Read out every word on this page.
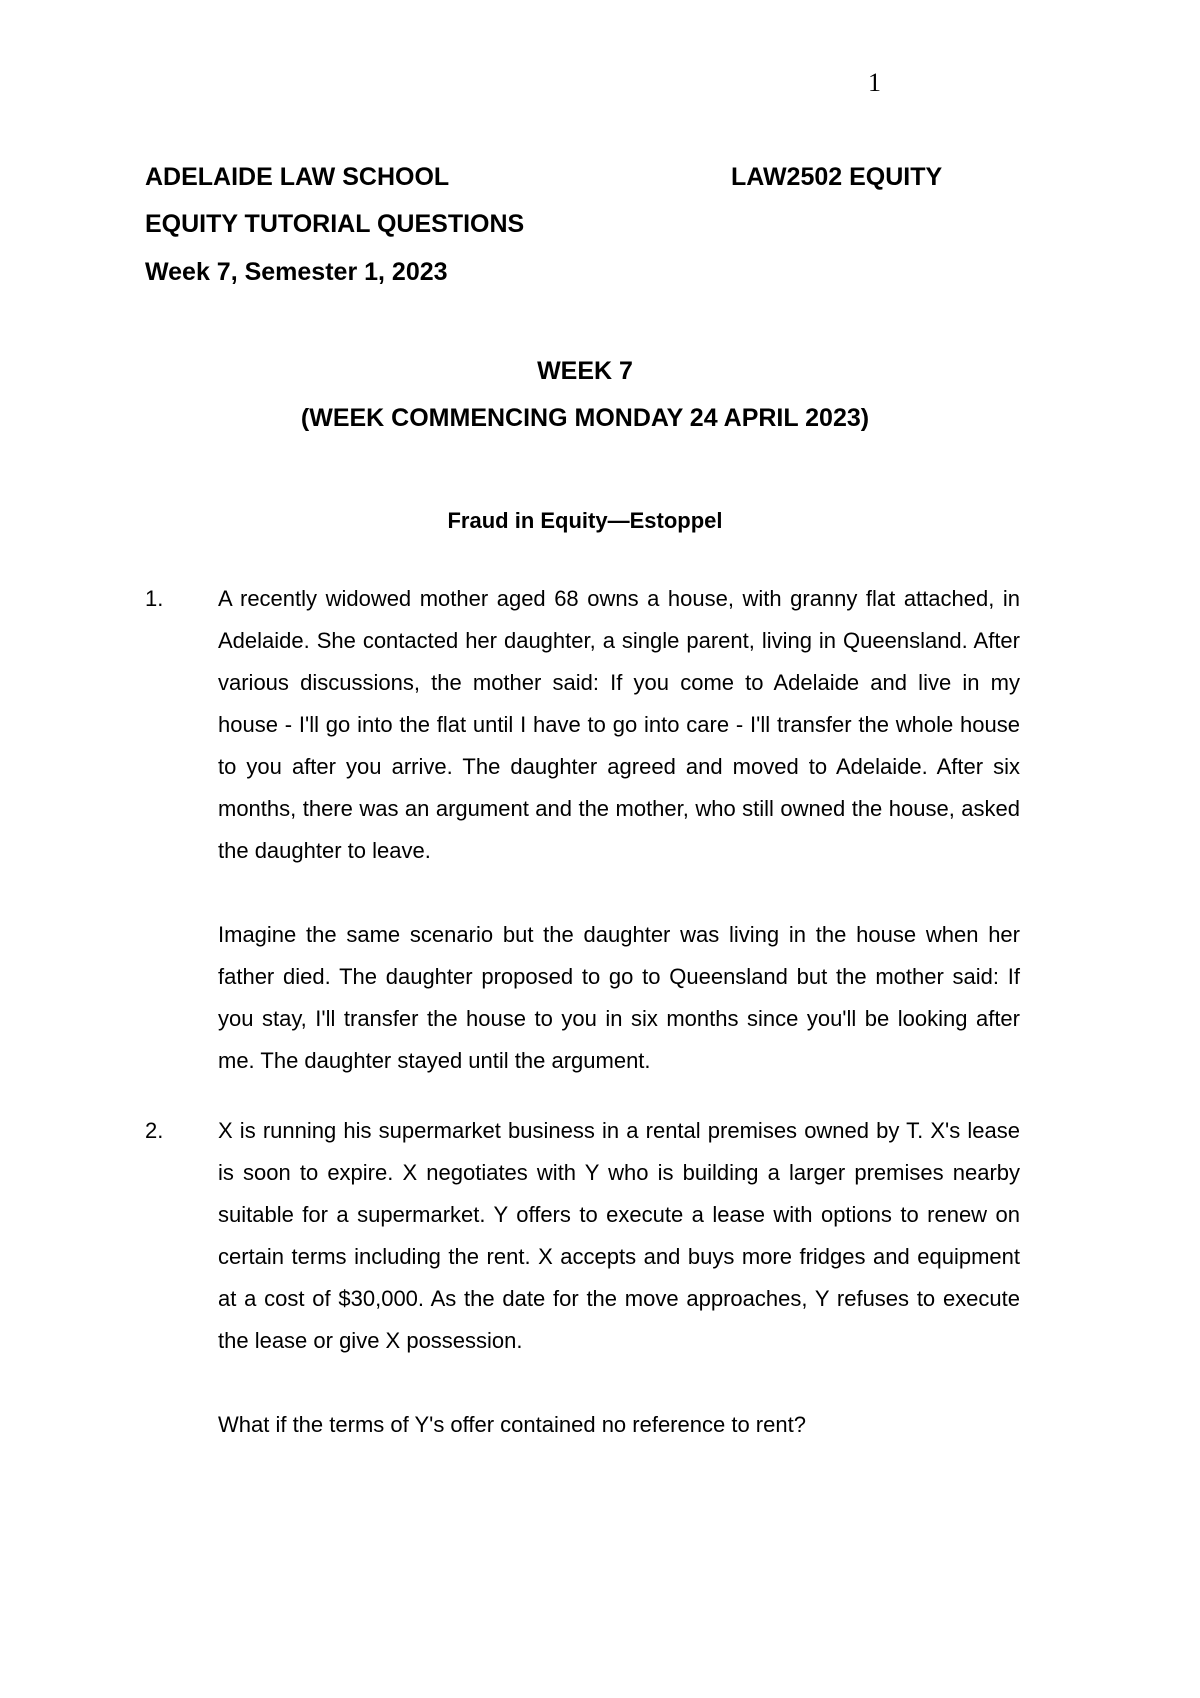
1
ADELAIDE LAW SCHOOL	LAW2502 EQUITY
EQUITY TUTORIAL QUESTIONS
Week 7, Semester 1, 2023
WEEK 7
(WEEK COMMENCING MONDAY 24 APRIL 2023)
Fraud in Equity—Estoppel
1. A recently widowed mother aged 68 owns a house, with granny flat attached, in Adelaide. She contacted her daughter, a single parent, living in Queensland. After various discussions, the mother said: If you come to Adelaide and live in my house - I'll go into the flat until I have to go into care - I'll transfer the whole house to you after you arrive. The daughter agreed and moved to Adelaide. After six months, there was an argument and the mother, who still owned the house, asked the daughter to leave.

Imagine the same scenario but the daughter was living in the house when her father died. The daughter proposed to go to Queensland but the mother said: If you stay, I'll transfer the house to you in six months since you'll be looking after me. The daughter stayed until the argument.

2. X is running his supermarket business in a rental premises owned by T. X's lease is soon to expire. X negotiates with Y who is building a larger premises nearby suitable for a supermarket. Y offers to execute a lease with options to renew on certain terms including the rent. X accepts and buys more fridges and equipment at a cost of $30,000. As the date for the move approaches, Y refuses to execute the lease or give X possession.

What if the terms of Y's offer contained no reference to rent?
